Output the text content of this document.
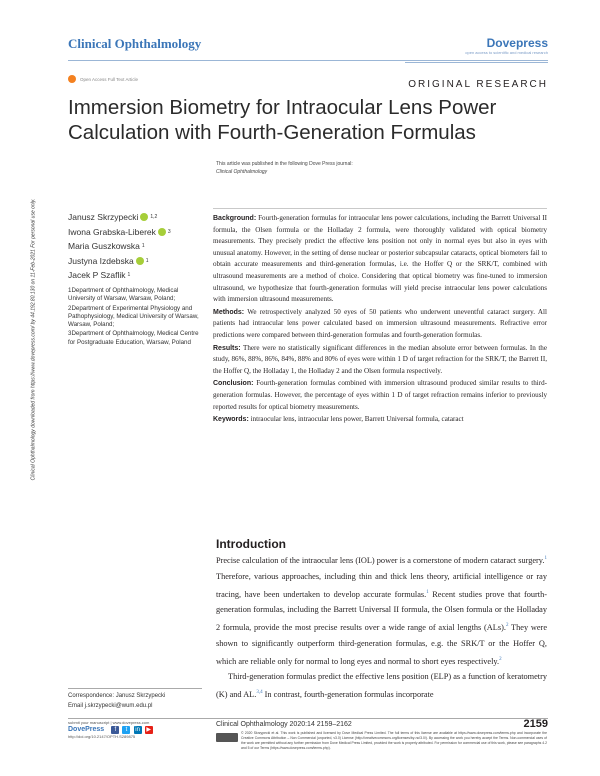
Clinical Ophthalmology	Dovepress
open access to scientific and medical research
Open Access Full Text Article	ORIGINAL RESEARCH
Immersion Biometry for Intraocular Lens Power Calculation with Fourth-Generation Formulas
This article was published in the following Dove Press journal:
Clinical Ophthalmology
Clinical Ophthalmology downloaded from https://www.dovepress.com/ by 44.192.80.130 on 11-Feb-2021 For personal use only.	Janusz Skrzypecki 1,2
Iwona Grabska-Liberek 3
Maria Guszkowska 1
Justyna Izdebska 1
Jacek P Szaflik 1
1Department of Ophthalmology, Medical University of Warsaw, Warsaw, Poland;
2Department of Experimental Physiology and Pathophysiology, Medical University of Warsaw, Warsaw, Poland;
3Department of Ophthalmology, Medical Centre for Postgraduate Education, Warsaw, Poland

Background: Fourth-generation formulas for intraocular lens power calculations, including the Barrett Universal II formula, the Olsen formula or the Holladay 2 formula, were thoroughly validated with optical biometry measurements. They precisely predict the effective lens position not only in normal eyes but also in eyes with unusual anatomy. However, in the setting of dense nuclear or posterior subcapsular cataracts, optical biometers fail to obtain accurate measurements and third-generation formulas, i.e. the Hoffer Q or the SRK/T, combined with ultrasound measurements are a method of choice. Considering that optical biometry was fine-tuned to immersion ultrasound, we hypothesize that fourth-generation formulas will yield precise intraocular lens power calculations with immersion ultrasound measurements.

Methods: We retrospectively analyzed 50 eyes of 50 patients who underwent uneventful cataract surgery. All patients had intraocular lens power calculated based on immersion ultrasound measurements. Refractive error predictions were compared between third-generation formulas and fourth-generation formulas.

Results: There were no statistically significant differences in the median absolute error between formulas. In the study, 86%, 88%, 86%, 84%, 88% and 80% of eyes were within 1 D of target refraction for the SRK/T, the Barrett II, the Hoffer Q, the Holladay 1, the Holladay 2 and the Olsen formula respectively.

Conclusion: Fourth-generation formulas combined with immersion ultrasound produced similar results to third-generation formulas. However, the percentage of eyes within 1 D of target refraction remains inferior to previously reported results for optical biometry measurements.

Keywords: intraocular lens, intraocular lens power, Barrett Universal formula, cataract

Introduction

Precise calculation of the intraocular lens (IOL) power is a cornerstone of modern cataract surgery.$^1$ Therefore, various approaches, including thin and thick lens theory, artificial intelligence or ray tracing, have been undertaken to develop accurate formulas.$^1$ Recent studies prove that fourth-generation formulas, including the Barrett Universal II formula, the Olsen formula or the Holladay 2 formula, provide the most precise results over a wide range of axial lengths (ALs).$^2$ They were shown to significantly outperform third-generation formulas, e.g. the SRK/T or the Hoffer Q, which are reliable only for normal to long eyes and normal to short eyes respectively.$^2$

Third-generation formulas predict the effective lens position (ELP) as a function of keratometry (K) and AL.$^{3,4}$ In contrast, fourth-generation formulas incorporate

Correspondence: Janusz Skrzypecki
Email j.skrzypecki@wum.edu.pl
submit your manuscript | www.dovepress.com
DovePress f t in ▶
http://doi.org/10.2147/OPTH.S289875
Clinical Ophthalmology 2020:14 2159–2162	2159
© 2020 Skrzypecki et al. This work is published and licensed by Dove Medical Press Limited. The full terms of this license are available at https://www.dovepress.com/terms.php and incorporate the Creative Commons Attribution – Non Commercial (unported, v3.0) License (http://creativecommons.org/licenses/by-nc/3.0/). By accessing the work you hereby accept the Terms. Non-commercial uses of the work are permitted without any further permission from Dove Medical Press Limited, provided the work is properly attributed. For permission for commercial use of this work, please see paragraphs 4.2 and 5 of our Terms (https://www.dovepress.com/terms.php).
